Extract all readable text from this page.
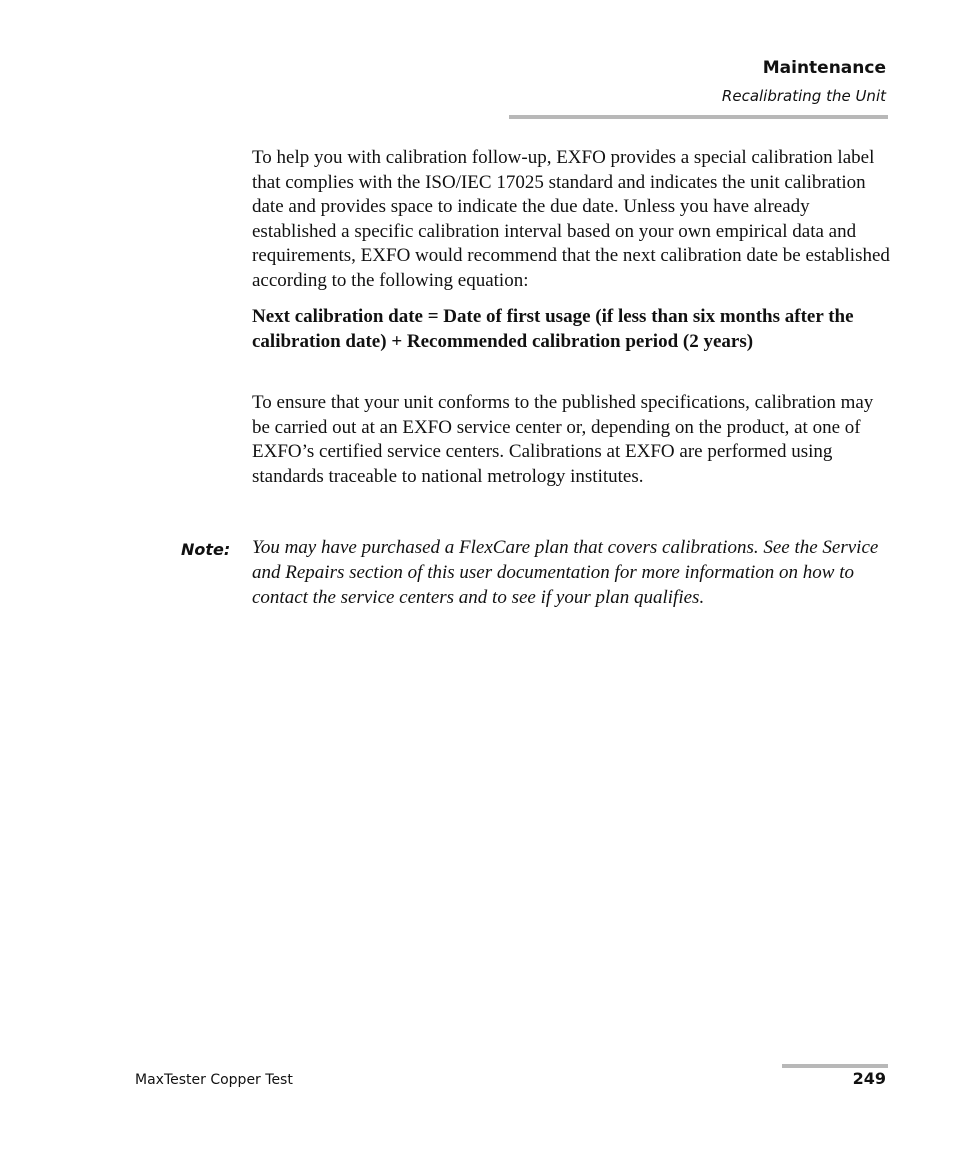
Maintenance
Recalibrating the Unit

To help you with calibration follow-up, EXFO provides a special calibration label that complies with the ISO/IEC 17025 standard and indicates the unit calibration date and provides space to indicate the due date. Unless you have already established a specific calibration interval based on your own empirical data and requirements, EXFO would recommend that the next calibration date be established according to the following equation:

Next calibration date = Date of first usage (if less than six months after the calibration date) + Recommended calibration period (2 years)

To ensure that your unit conforms to the published specifications, calibration may be carried out at an EXFO service center or, depending on the product, at one of EXFO’s certified service centers. Calibrations at EXFO are performed using standards traceable to national metrology institutes.

Note: You may have purchased a FlexCare plan that covers calibrations. See the Service and Repairs section of this user documentation for more information on how to contact the service centers and to see if your plan qualifies.

MaxTester Copper Test	249
